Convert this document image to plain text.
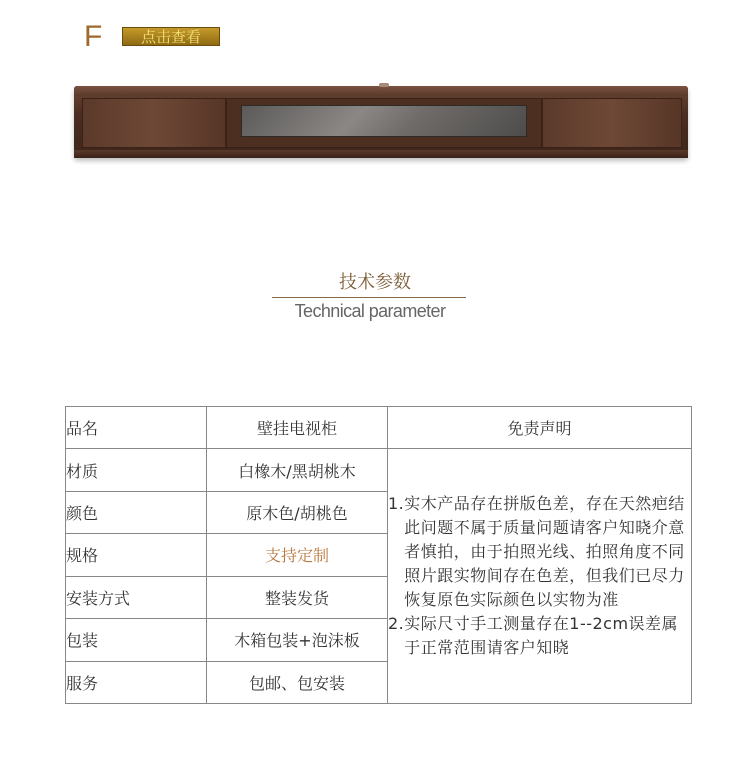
F	点击查看
技术参数
Technical parameter
品名	壁挂电视柜	免责声明
材质	白橡木/黑胡桃木	1. 实木产品存在拼版色差，存在天然疤结此问题不属于质量问题请客户知晓介意者慎拍，由于拍照光线、拍照角度不同照片跟实物间存在色差，但我们已尽力恢复原色实际颜色以实物为准
2. 实际尺寸手工测量存在1--2cm误差属于正常范围请客户知晓

颜色	原木色/胡桃色	
规格	支持定制	
安装方式	整装发货	
包装	木箱包装+泡沫板	
服务	包邮、包安装	
